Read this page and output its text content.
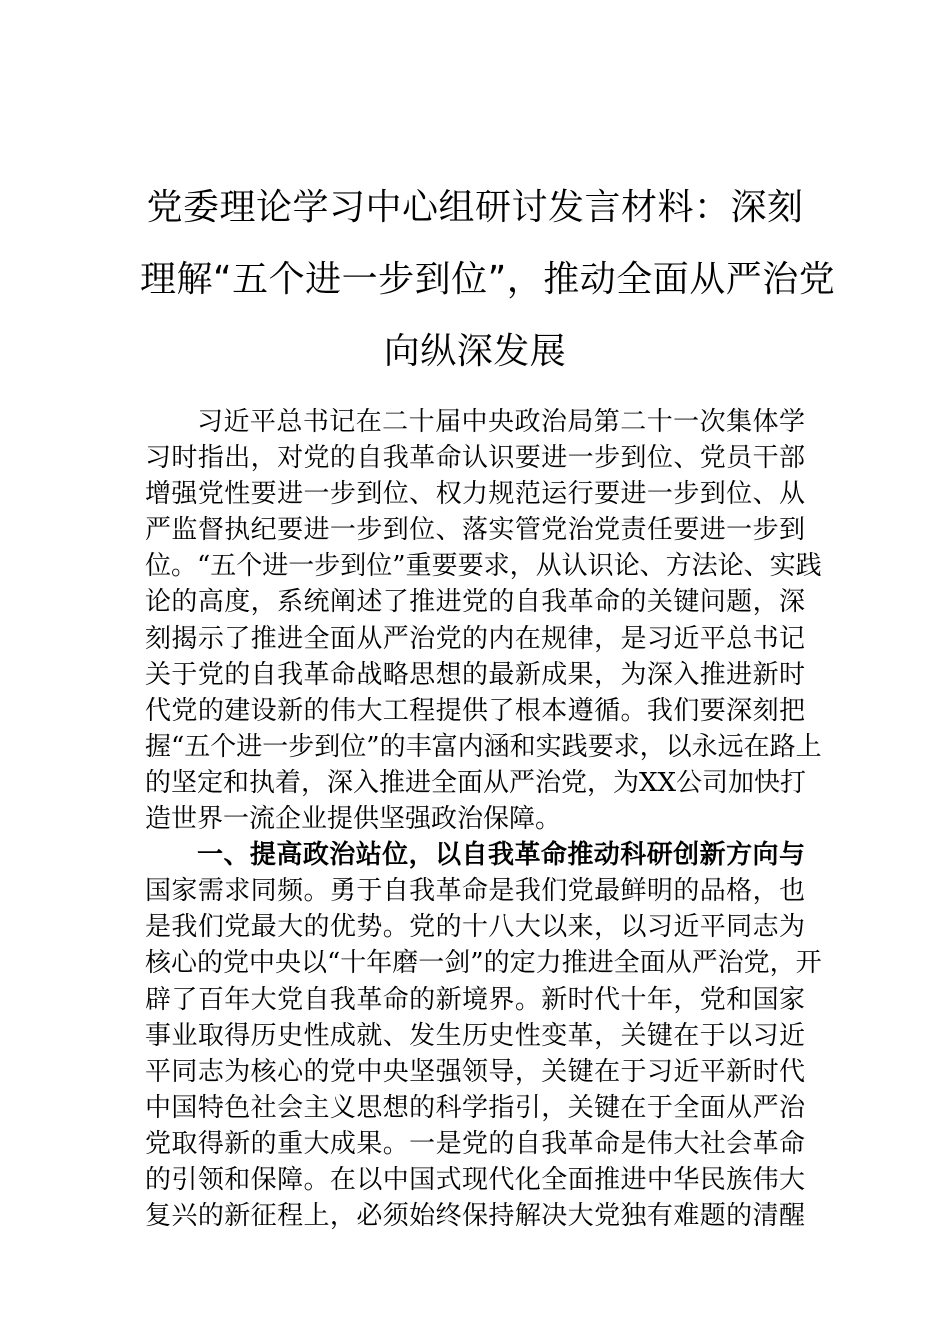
党委理论学习中心组研讨发言材料：深刻
理解“五个进一步到位”，推动全面从严治党
向纵深发展
习近平总书记在二十届中央政治局第二十一次集体学
习时指出，对党的自我革命认识要进一步到位、党员干部
增强党性要进一步到位、权力规范运行要进一步到位、从
严监督执纪要进一步到位、落实管党治党责任要进一步到
位。“五个进一步到位”重要要求，从认识论、方法论、实践
论的高度，系统阐述了推进党的自我革命的关键问题，深
刻揭示了推进全面从严治党的内在规律，是习近平总书记
关于党的自我革命战略思想的最新成果，为深入推进新时
代党的建设新的伟大工程提供了根本遵循。我们要深刻把
握“五个进一步到位”的丰富内涵和实践要求，以永远在路上
的坚定和执着，深入推进全面从严治党，为XX公司加快打
造世界一流企业提供坚强政治保障。
一、提高政治站位，以自我革命推动科研创新方向与
国家需求同频。勇于自我革命是我们党最鲜明的品格，也
是我们党最大的优势。党的十八大以来，以习近平同志为
核心的党中央以“十年磨一剑”的定力推进全面从严治党，开
辟了百年大党自我革命的新境界。新时代十年，党和国家
事业取得历史性成就、发生历史性变革，关键在于以习近
平同志为核心的党中央坚强领导，关键在于习近平新时代
中国特色社会主义思想的科学指引，关键在于全面从严治
党取得新的重大成果。一是党的自我革命是伟大社会革命
的引领和保障。在以中国式现代化全面推进中华民族伟大
复兴的新征程上，必须始终保持解决大党独有难题的清醒
